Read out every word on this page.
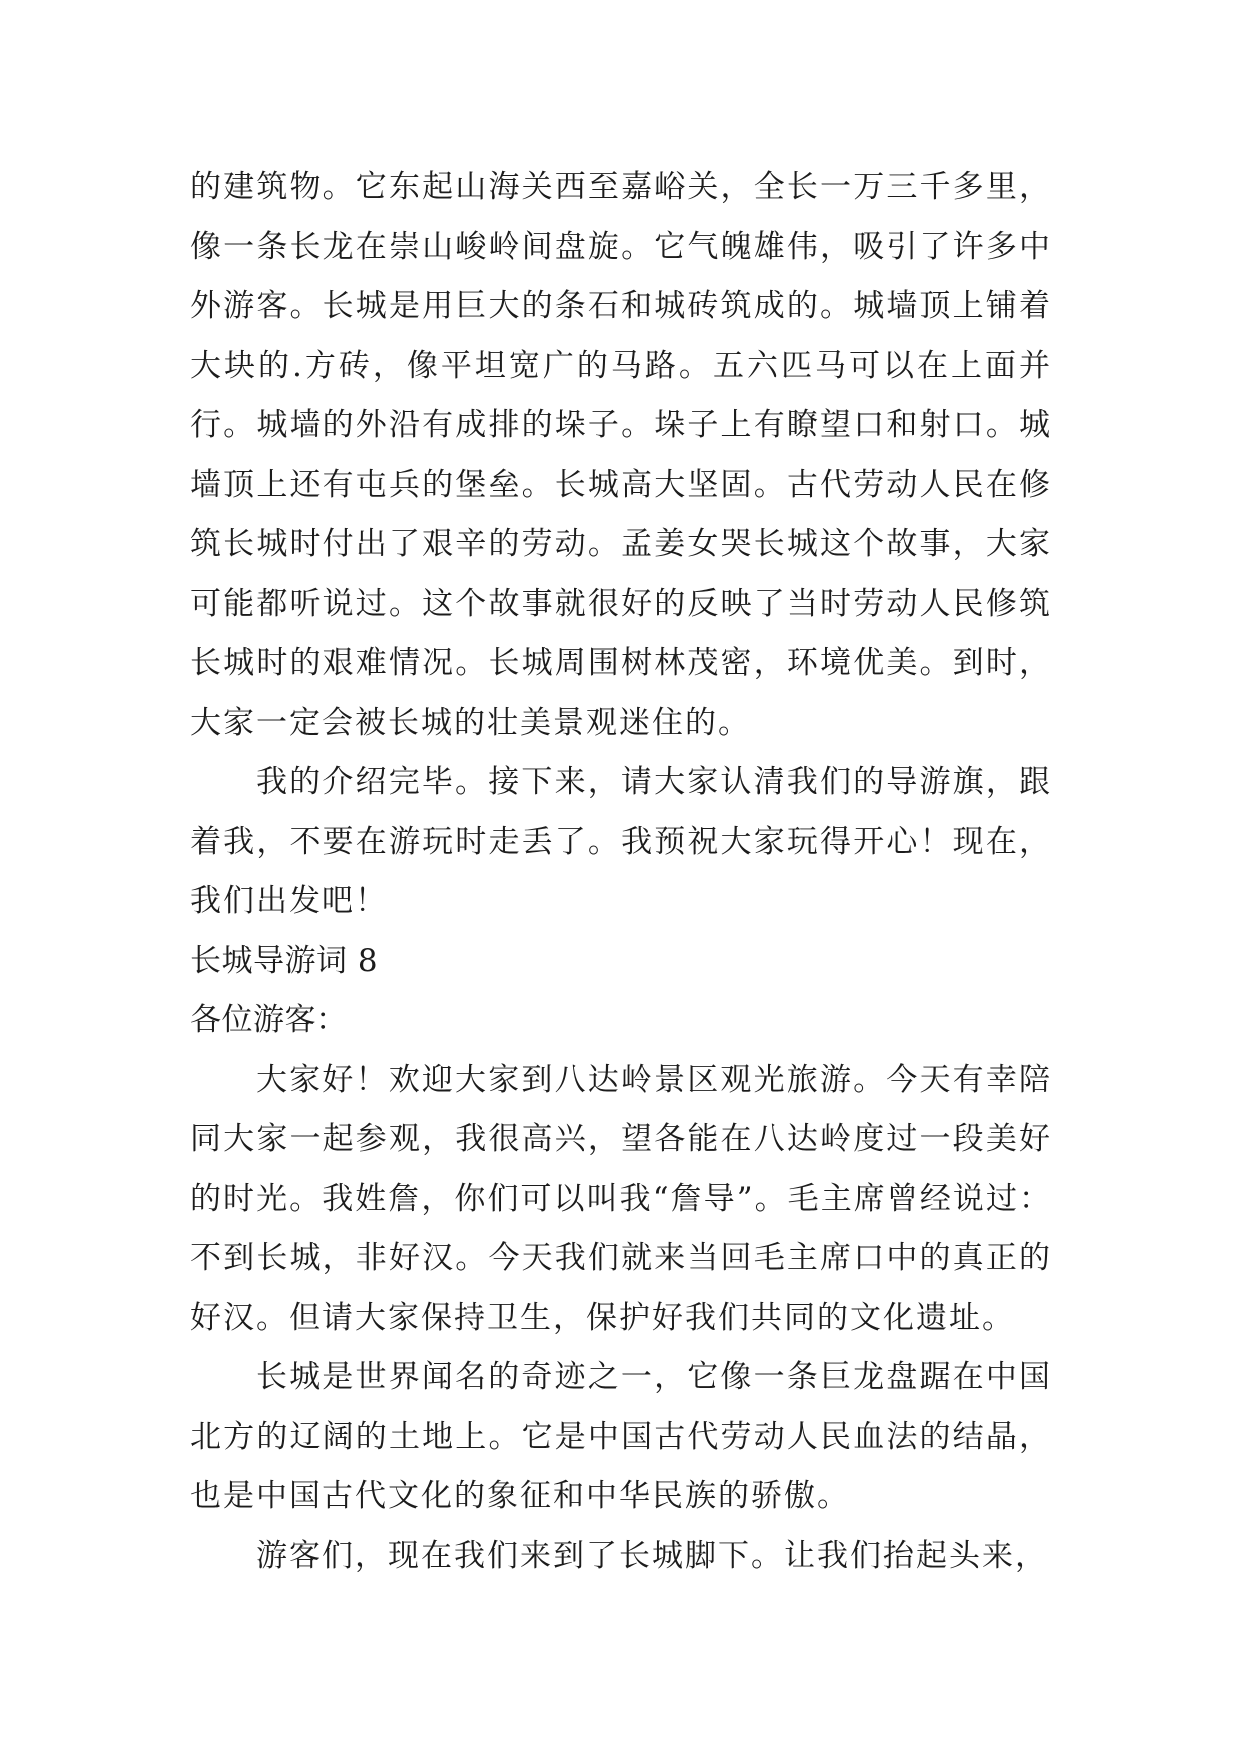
的建筑物。它东起山海关西至嘉峪关，全长一万三千多里，像一条长龙在崇山峻岭间盘旋。它气魄雄伟，吸引了许多中外游客。长城是用巨大的条石和城砖筑成的。城墙顶上铺着大块的.方砖，像平坦宽广的马路。五六匹马可以在上面并行。城墙的外沿有成排的垛子。垛子上有瞭望口和射口。城墙顶上还有屯兵的堡垒。长城高大坚固。古代劳动人民在修筑长城时付出了艰辛的劳动。孟姜女哭长城这个故事，大家可能都听说过。这个故事就很好的反映了当时劳动人民修筑长城时的艰难情况。长城周围树林茂密，环境优美。到时，大家一定会被长城的壮美景观迷住的。

我的介绍完毕。接下来，请大家认清我们的导游旗，跟着我，不要在游玩时走丢了。我预祝大家玩得开心！现在，我们出发吧！

长城导游词 8

各位游客：

大家好！欢迎大家到八达岭景区观光旅游。今天有幸陪同大家一起参观，我很高兴，望各能在八达岭度过一段美好的时光。我姓詹，你们可以叫我“詹导”。毛主席曾经说过：不到长城，非好汉。今天我们就来当回毛主席口中的真正的好汉。但请大家保持卫生，保护好我们共同的文化遗址。

长城是世界闻名的奇迹之一，它像一条巨龙盘踞在中国北方的辽阔的土地上。它是中国古代劳动人民血法的结晶，也是中国古代文化的象征和中华民族的骄傲。

游客们，现在我们来到了长城脚下。让我们抬起头来，
